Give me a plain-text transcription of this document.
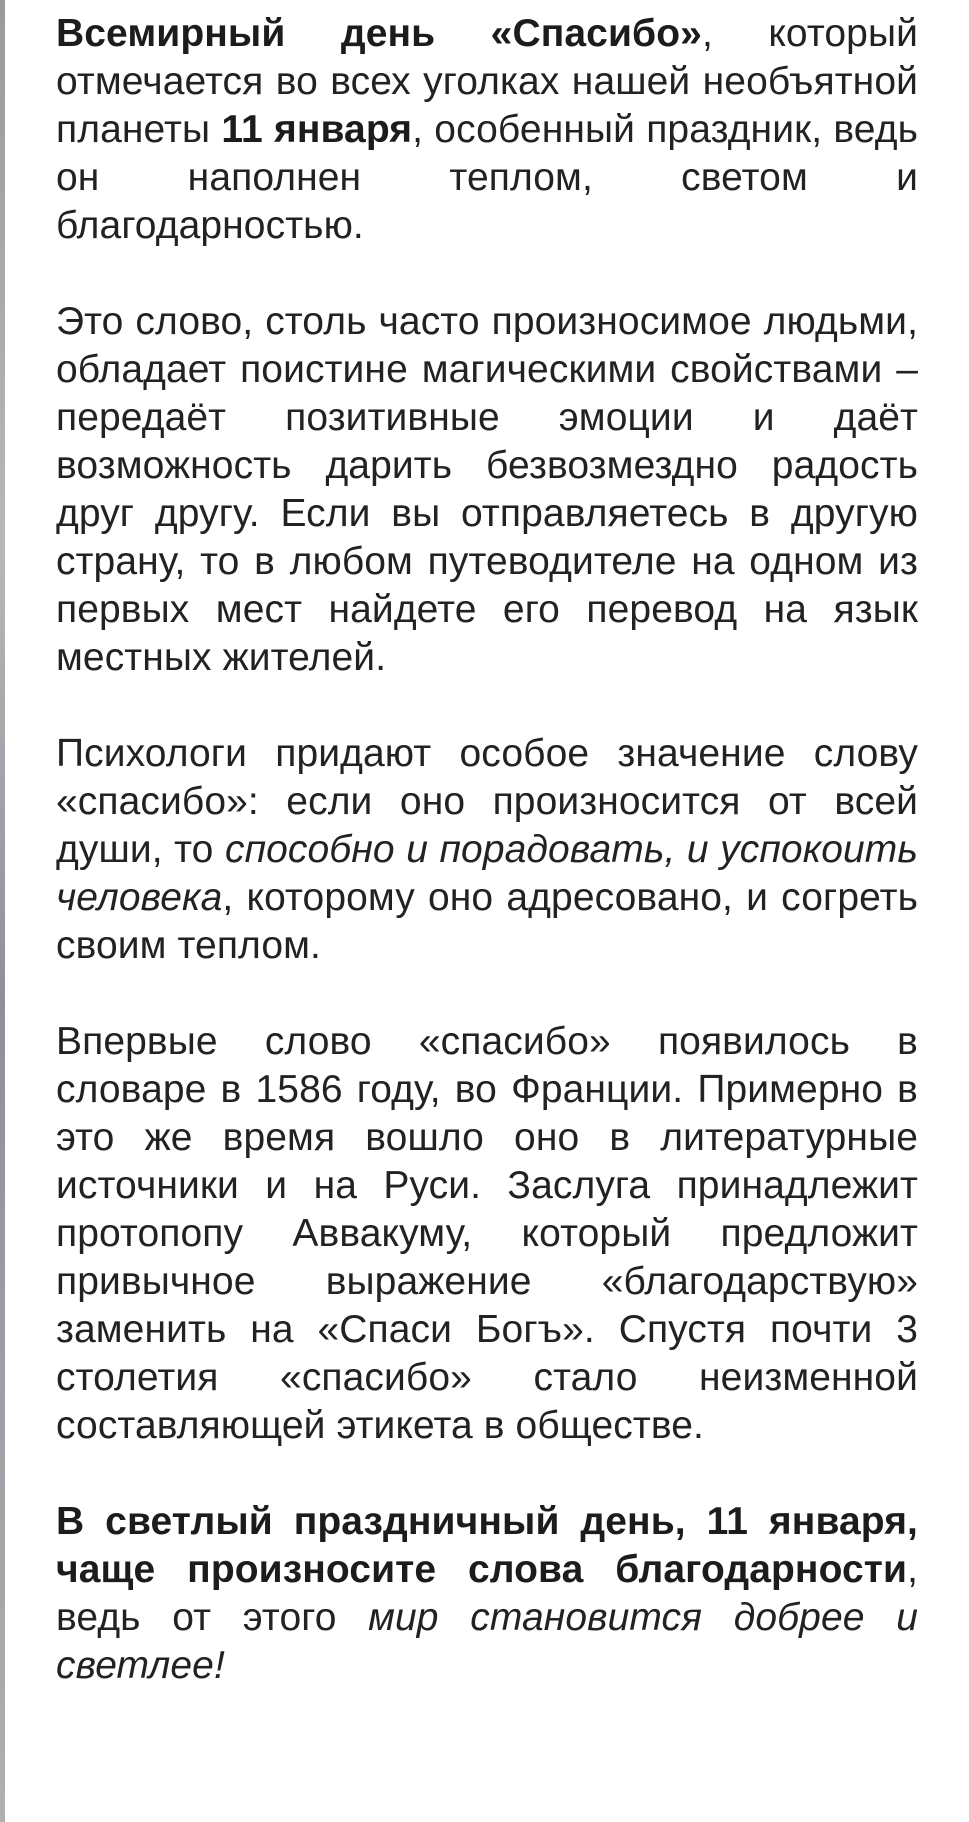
Всемирный день «Спасибо», который отмечается во всех уголках нашей необъятной планеты 11 января, особенный праздник, ведь он наполнен теплом, светом и благодарностью.

Это слово, столь часто произносимое людьми, обладает поистине магическими свойствами – передаёт позитивные эмоции и даёт возможность дарить безвозмездно радость друг другу. Если вы отправляетесь в другую страну, то в любом путеводителе на одном из первых мест найдете его перевод на язык местных жителей.

Психологи придают особое значение слову «спасибо»: если оно произносится от всей души, то способно и порадовать, и успокоить человека, которому оно адресовано, и согреть своим теплом.

Впервые слово «спасибо» появилось в словаре в 1586 году, во Франции. Примерно в это же время вошло оно в литературные источники и на Руси. Заслуга принадлежит протопопу Аввакуму, который предложит привычное выражение «благодарствую» заменить на «Спаси Богъ». Спустя почти 3 столетия «спасибо» стало неизменной составляющей этикета в обществе.

В светлый праздничный день, 11 января, чаще произносите слова благодарности, ведь от этого мир становится добрее и светлее!
